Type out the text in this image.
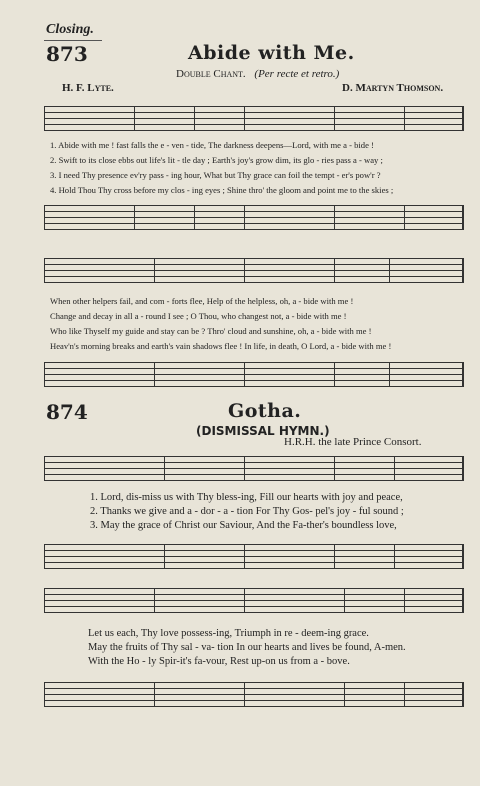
Closing.
873	Abide with Me.
Double Chant. (Per recte et retro.)
H. F. Lyte.	D. Martyn Thomson.
1. Abide with me ! fast falls the e - ven - tide, The darkness deepens—Lord, with me a - bide !
2. Swift to its close ebbs out life's lit - tle day ; Earth's joy's grow dim, its glo - ries pass a - way ;
3. I need Thy presence ev'ry pass - ing hour, What but Thy grace can foil the tempt - er's pow'r ?
4. Hold Thou Thy cross before my clos - ing eyes ; Shine thro' the gloom and point me to the skies ;
When other helpers fail, and com - forts flee, Help of the helpless, oh, a - bide with me !
Change and decay in all a - round I see ; O Thou, who changest not, a - bide with me !
Who like Thyself my guide and stay can be ? Thro' cloud and sunshine, oh, a - bide with me !
Heav'n's morning breaks and earth's vain shadows flee ! In life, in death, O Lord, a - bide with me !
874	Gotha.
(DISMISSAL HYMN.)
H.R.H. the late Prince Consort.
1. Lord, dis-miss us with Thy bless-ing, Fill our hearts with joy and peace,
2. Thanks we give and a - dor - a - tion For Thy Gos- pel's joy - ful sound ;
3. May the grace of Christ our Saviour, And the Fa-ther's boundless love,
Let us each, Thy love possess-ing, Triumph in re - deem-ing grace.
May the fruits of Thy sal - va- tion In our hearts and lives be found, A-men.
With the Ho - ly Spir-it's fa-vour, Rest up-on us from a - bove.
